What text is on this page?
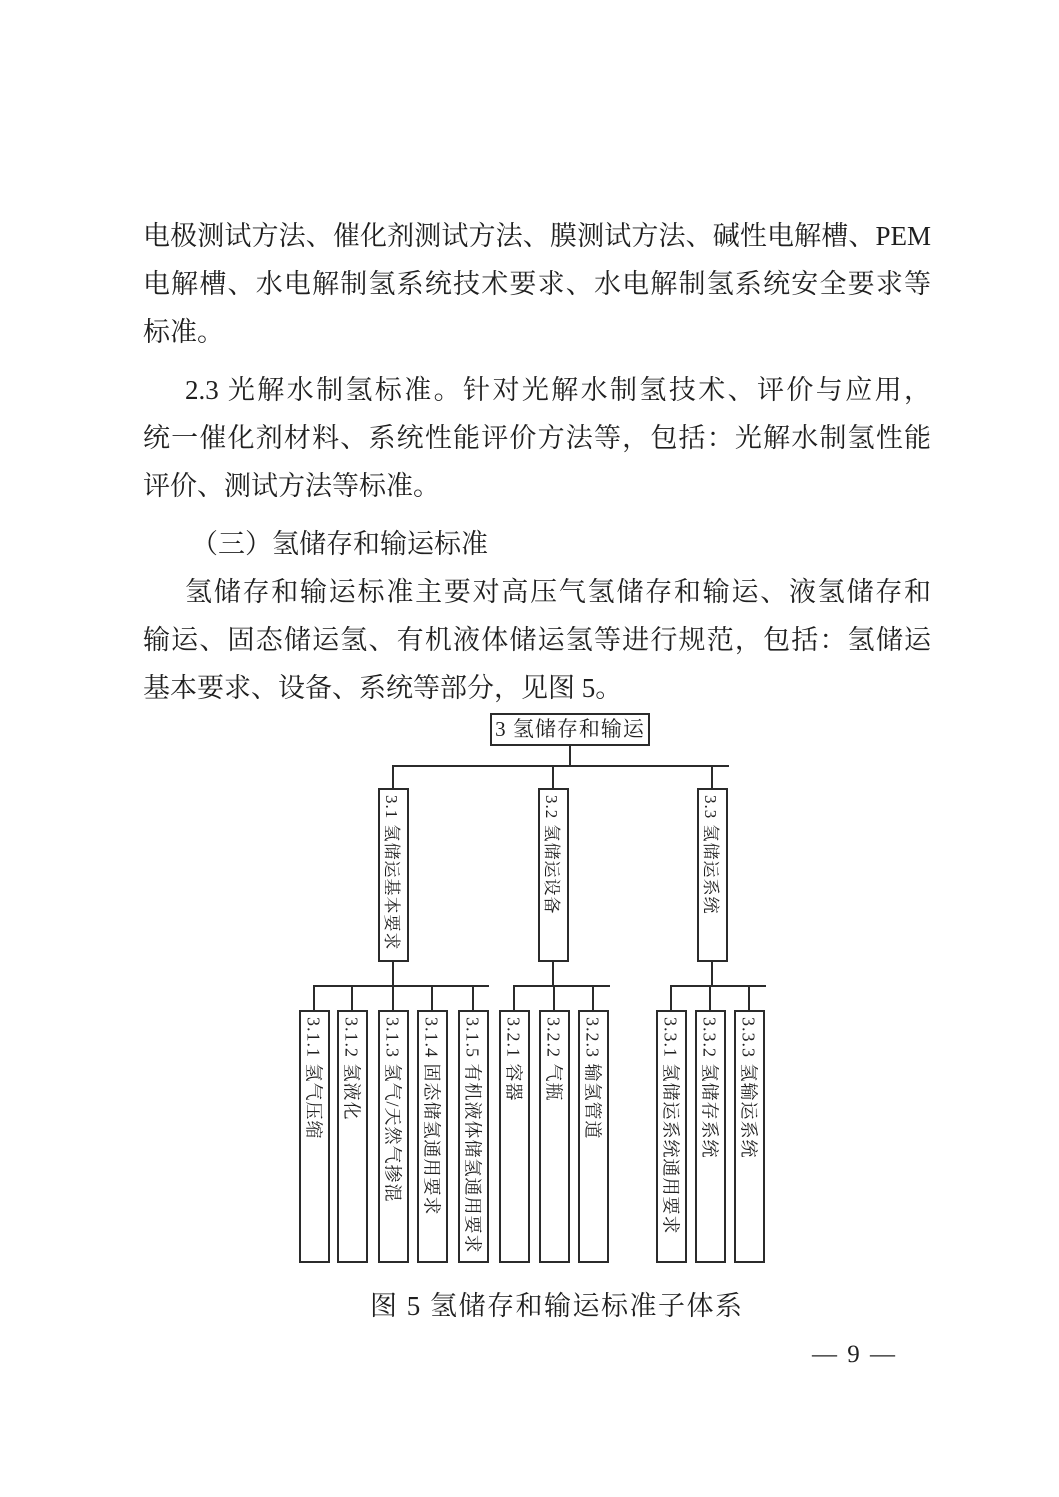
电极测试方法、催化剂测试方法、膜测试方法、碱性电解槽、PEM
电解槽、水电解制氢系统技术要求、水电解制氢系统安全要求等
标准。
2.3 光解水制氢标准。针对光解水制氢技术、评价与应用，
统一催化剂材料、系统性能评价方法等，包括：光解水制氢性能
评价、测试方法等标准。
（三）氢储存和输运标准
氢储存和输运标准主要对高压气氢储存和输运、液氢储存和
输运、固态储运氢、有机液体储运氢等进行规范，包括：氢储运
基本要求、设备、系统等部分，见图 5。
3 氢储存和输运
3.1 氢储运基本要求	3.2 氢储运设备	3.3 氢储运系统
3.1.1 氢气压缩 3.1.2 氢液化 3.1.3 氢气/天然气掺混 3.1.4 固态储氢通用要求 3.1.5 有机液体储氢通用要求 3.2.1 容器 3.2.2 气瓶 3.2.3 输氢管道	3.3.1 氢储运系统通用要求 3.3.2 氢储存系统 3.3.3 氢输运系统
图 5 氢储存和输运标准子体系
— 9 —
